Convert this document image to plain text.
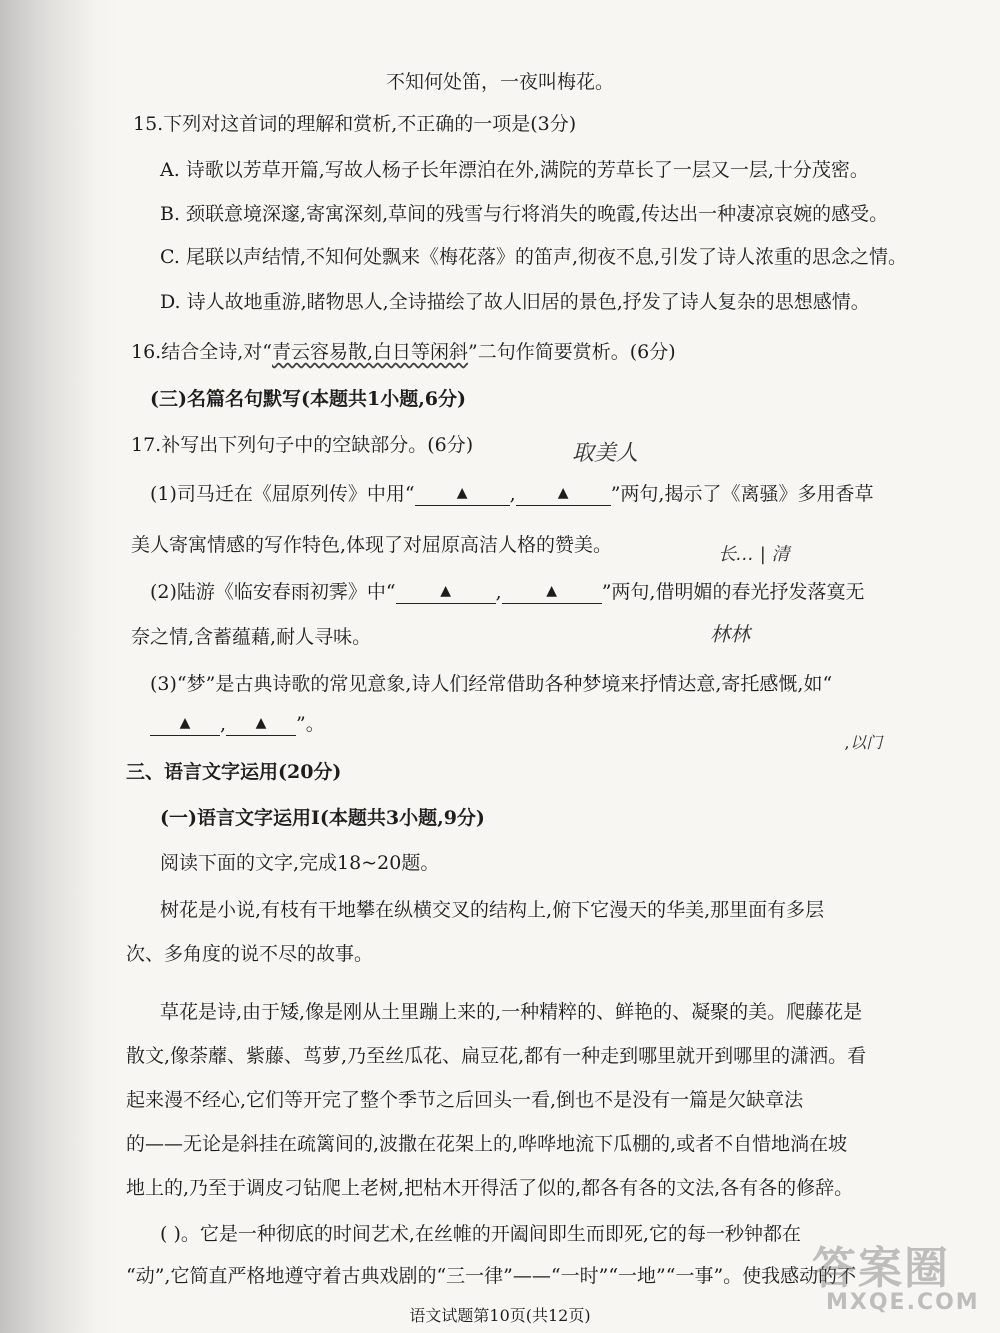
不知何处笛，一夜叫梅花。
15.下列对这首词的理解和赏析,不正确的一项是(3分)
A. 诗歌以芳草开篇,写故人杨子长年漂泊在外,满院的芳草长了一层又一层,十分茂密。
B. 颈联意境深邃,寄寓深刻,草间的残雪与行将消失的晚霞,传达出一种凄凉哀婉的感受。
C. 尾联以声结情,不知何处飘来《梅花落》的笛声,彻夜不息,引发了诗人浓重的思念之情。
D. 诗人故地重游,睹物思人,全诗描绘了故人旧居的景色,抒发了诗人复杂的思想感情。
16.结合全诗,对“青云容易散,白日等闲斜”二句作简要赏析。(6分)
(三)名篇名句默写(本题共1小题,6分)
17.补写出下列句子中的空缺部分。(6分)	取美人
(1)司马迁在《屈原列传》中用“	▲ ,	▲ ”两句,揭示了《离骚》多用香草
美人寄寓情感的写作特色,体现了对屈原高洁人格的赞美。	长… | 清
(2)陆游《临安春雨初霁》中“	▲ ,	▲ ”两句,借明媚的春光抒发落寞无
奈之情,含蓄蕴藉,耐人寻味。	林林
(3)“梦”是古典诗歌的常见意象,诗人们经常借助各种梦境来抒情达意,寄托感慨,如“
▲ , ▲ ”。
,以门
三、语言文字运用(20分)
(一)语言文字运用Ⅰ(本题共3小题,9分)
阅读下面的文字,完成18~20题。
树花是小说,有枝有干地攀在纵横交叉的结构上,俯下它漫天的华美,那里面有多层
次、多角度的说不尽的故事。
草花是诗,由于矮,像是刚从土里蹦上来的,一种精粹的、鲜艳的、凝聚的美。爬藤花是
散文,像荼蘼、紫藤、茑萝,乃至丝瓜花、扁豆花,都有一种走到哪里就开到哪里的潇洒。看
起来漫不经心,它们等开完了整个季节之后回头一看,倒也不是没有一篇是欠缺章法
的——无论是斜挂在疏篱间的,波撒在花架上的,哗哗地流下瓜棚的,或者不自惜地淌在坡
地上的,乃至于调皮刁钻爬上老树,把枯木开得活了似的,都各有各的文法,各有各的修辞。
( )。它是一种彻底的时间艺术,在丝帷的开阖间即生而即死,它的每一秒钟都在
“动”,它简直严格地遵守着古典戏剧的“三一律”——“一时”“一地”“一事”。使我感动的不
语文试题第10页(共12页)
答案圈
MXQE.COM
